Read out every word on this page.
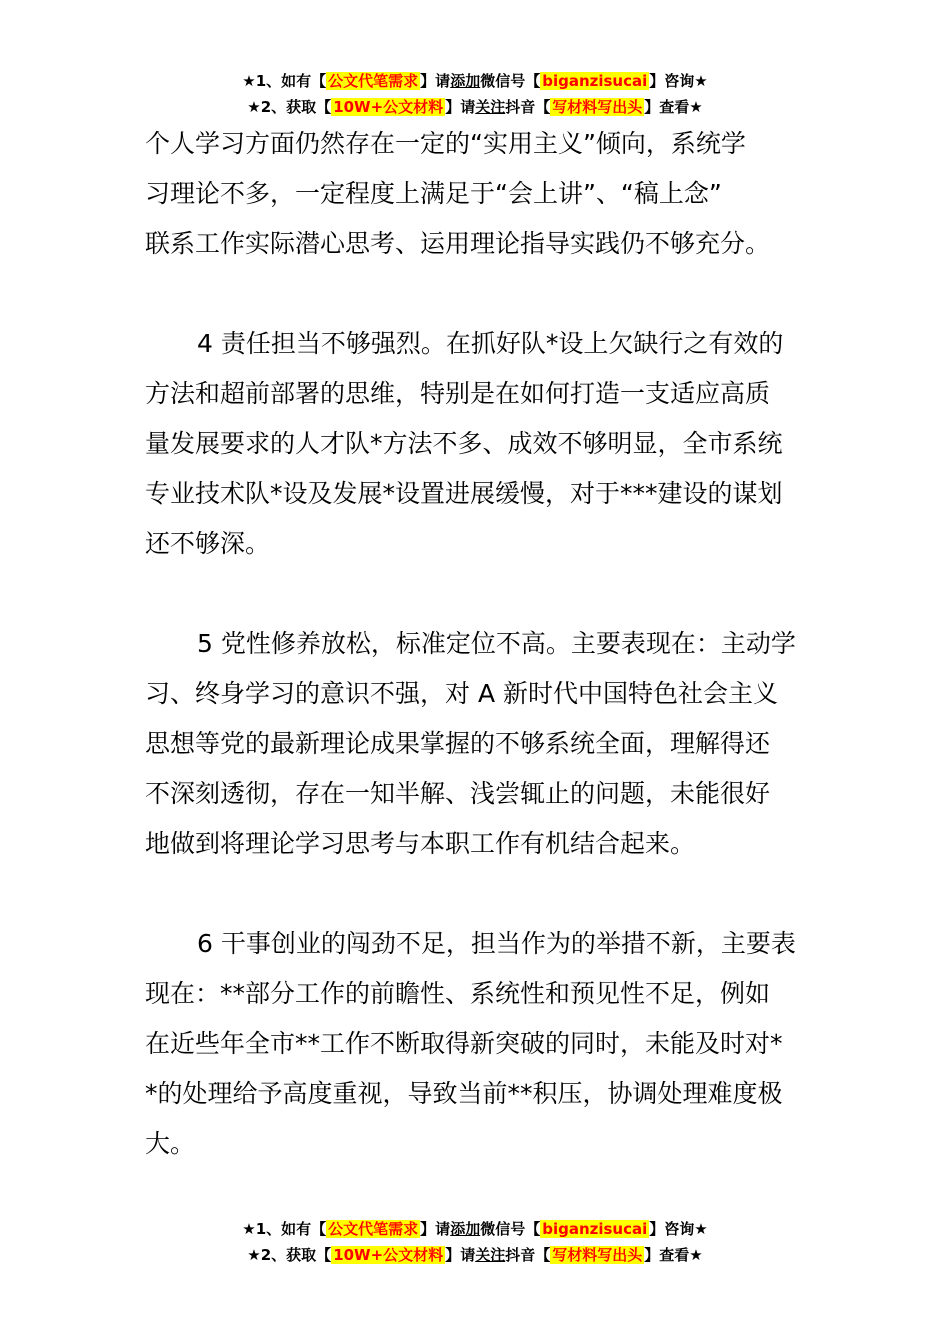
★1、如有【 公文代笔需求 】请添加微信号【 biganzisucai 】咨询★
★2、获取【 10W+公文材料 】请关注抖音【 写材料写出头 】查看★

个人学习方面仍然存在一定的“实用主义”倾向，系统学
习理论不多，一定程度上满足于“会上讲”、“稿上念”
联系工作实际潜心思考、运用理论指导实践仍不够充分。

4 责任担当不够强烈。在抓好队*设上欠缺行之有效的
方法和超前部署的思维，特别是在如何打造一支适应高质
量发展要求的人才队*方法不多、成效不够明显，全市系统
专业技术队*设及发展*设置进展缓慢，对于***建设的谋划
还不够深。

5 党性修养放松，标准定位不高。主要表现在：主动学
习、终身学习的意识不强，对 A 新时代中国特色社会主义
思想等党的最新理论成果掌握的不够系统全面，理解得还
不深刻透彻，存在一知半解、浅尝辄止的问题，未能很好
地做到将理论学习思考与本职工作有机结合起来。

6 干事创业的闯劲不足，担当作为的举措不新，主要表
现在：**部分工作的前瞻性、系统性和预见性不足，例如
在近些年全市**工作不断取得新突破的同时，未能及时对*
*的处理给予高度重视，导致当前**积压，协调处理难度极
大。

★1、如有【 公文代笔需求 】请添加微信号【 biganzisucai 】咨询★
★2、获取【 10W+公文材料 】请关注抖音【 写材料写出头 】查看★
